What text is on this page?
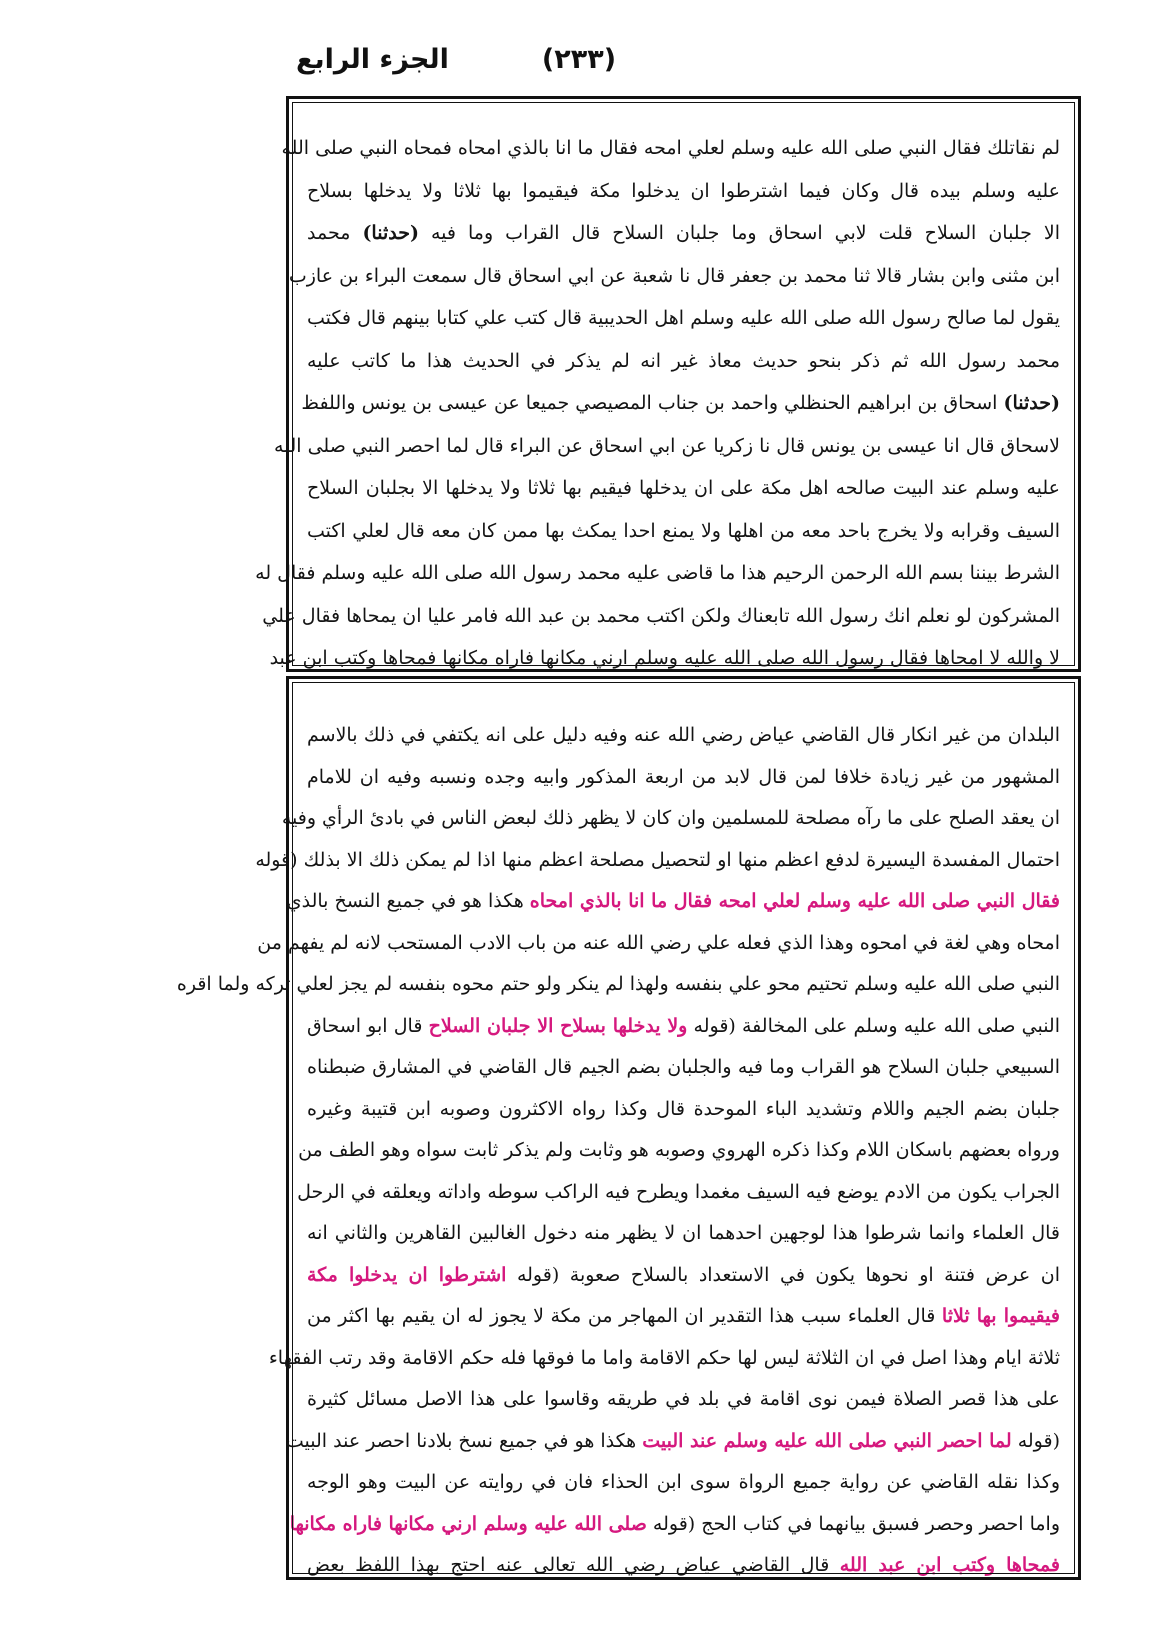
(٢٣٣)
الجزء الرابع
لم نقاتلك فقال النبي صلى الله عليه وسلم لعلي امحه فقال ما انا بالذي امحاه فمحاه النبي صلى الله
عليه وسلم بيده قال وكان فيما اشترطوا ان يدخلوا مكة فيقيموا بها ثلاثا ولا يدخلها بسلاح
الا جلبان السلاح قلت لابي اسحاق وما جلبان السلاح قال القراب وما فيه (حدثنا) محمد
ابن مثنى وابن بشار قالا ثنا محمد بن جعفر قال نا شعبة عن ابي اسحاق قال سمعت البراء بن عازب
يقول لما صالح رسول الله صلى الله عليه وسلم اهل الحديبية قال كتب علي كتابا بينهم قال فكتب
محمد رسول الله ثم ذكر بنحو حديث معاذ غير انه لم يذكر في الحديث هذا ما كاتب عليه
(حدثنا) اسحاق بن ابراهيم الحنظلي واحمد بن جناب المصيصي جميعا عن عيسى بن يونس واللفظ
لاسحاق قال انا عيسى بن يونس قال نا زكريا عن ابي اسحاق عن البراء قال لما احصر النبي صلى الله
عليه وسلم عند البيت صالحه اهل مكة على ان يدخلها فيقيم بها ثلاثا ولا يدخلها الا بجلبان السلاح
السيف وقرابه ولا يخرج باحد معه من اهلها ولا يمنع احدا يمكث بها ممن كان معه قال لعلي اكتب
الشرط بيننا بسم الله الرحمن الرحيم هذا ما قاضى عليه محمد رسول الله صلى الله عليه وسلم فقال له
المشركون لو نعلم انك رسول الله تابعناك ولكن اكتب محمد بن عبد الله فامر عليا ان يمحاها فقال علي
لا والله لا امحاها فقال رسول الله صلى الله عليه وسلم ارني مكانها فاراه مكانها فمحاها وكتب ابن عبد
البلدان من غير انكار قال القاضي عياض رضي الله عنه وفيه دليل على انه يكتفي في ذلك بالاسم
المشهور من غير زيادة خلافا لمن قال لابد من اربعة المذكور وابيه وجده ونسبه وفيه ان للامام
ان يعقد الصلح على ما رآه مصلحة للمسلمين وان كان لا يظهر ذلك لبعض الناس في بادئ الرأي وفيه
احتمال المفسدة اليسيرة لدفع اعظم منها او لتحصيل مصلحة اعظم منها اذا لم يمكن ذلك الا بذلك (قوله
فقال النبي صلى الله عليه وسلم لعلي امحه فقال ما انا بالذي امحاه هكذا هو في جميع النسخ بالذي
امحاه وهي لغة في امحوه وهذا الذي فعله علي رضي الله عنه من باب الادب المستحب لانه لم يفهم من
النبي صلى الله عليه وسلم تحتيم محو علي بنفسه ولهذا لم ينكر ولو حتم محوه بنفسه لم يجز لعلي تركه ولما اقره
النبي صلى الله عليه وسلم على المخالفة (قوله ولا يدخلها بسلاح الا جلبان السلاح قال ابو اسحاق
السبيعي جلبان السلاح هو القراب وما فيه والجلبان بضم الجيم قال القاضي في المشارق ضبطناه
جلبان بضم الجيم واللام وتشديد الباء الموحدة قال وكذا رواه الاكثرون وصوبه ابن قتيبة وغيره
ورواه بعضهم باسكان اللام وكذا ذكره الهروي وصوبه هو وثابت ولم يذكر ثابت سواه وهو الطف من
الجراب يكون من الادم يوضع فيه السيف مغمدا ويطرح فيه الراكب سوطه واداته ويعلقه في الرحل
قال العلماء وانما شرطوا هذا لوجهين احدهما ان لا يظهر منه دخول الغالبين القاهرين والثاني انه
ان عرض فتنة او نحوها يكون في الاستعداد بالسلاح صعوبة (قوله اشترطوا ان يدخلوا مكة
فيقيموا بها ثلاثا قال العلماء سبب هذا التقدير ان المهاجر من مكة لا يجوز له ان يقيم بها اكثر من
ثلاثة ايام وهذا اصل في ان الثلاثة ليس لها حكم الاقامة واما ما فوقها فله حكم الاقامة وقد رتب الفقهاء
على هذا قصر الصلاة فيمن نوى اقامة في بلد في طريقه وقاسوا على هذا الاصل مسائل كثيرة
(قوله لما احصر النبي صلى الله عليه وسلم عند البيت هكذا هو في جميع نسخ بلادنا احصر عند البيت
وكذا نقله القاضي عن رواية جميع الرواة سوى ابن الحذاء فان في روايته عن البيت وهو الوجه
واما احصر وحصر فسبق بيانهما في كتاب الحج (قوله صلى الله عليه وسلم ارني مكانها فاراه مكانها
فمحاها وكتب ابن عبد الله قال القاضي عياض رضي الله تعالى عنه احتج بهذا اللفظ بعض
